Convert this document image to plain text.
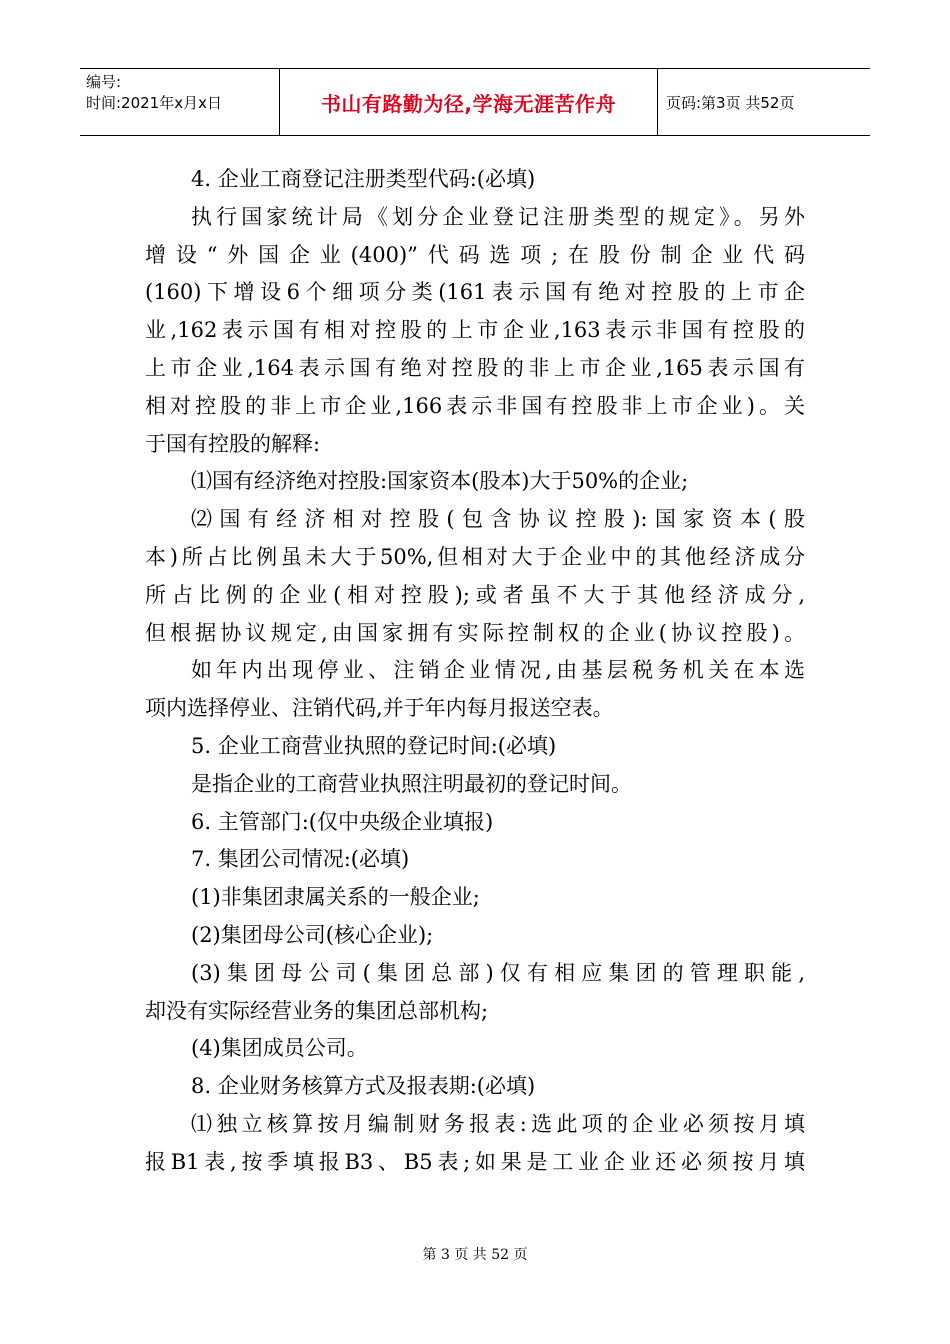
编号:
时间:2021年x月x日	书山有路勤为径,学海无涯苦作舟	页码:第3页 共52页
4. 企业工商登记注册类型代码:(必填)
执行国家统计局《划分企业登记注册类型的规定》。另外
增设“外国企业(400)”代码选项;在股份制企业代码
(160)下增设6个细项分类(161表示国有绝对控股的上市企
业,162表示国有相对控股的上市企业,163表示非国有控股的
上市企业,164表示国有绝对控股的非上市企业,165表示国有
相对控股的非上市企业,166表示非国有控股非上市企业)。关
于国有控股的解释:
⑴国有经济绝对控股:国家资本(股本)大于50%的企业;
⑵国有经济相对控股(包含协议控股):国家资本(股
本)所占比例虽未大于50%,但相对大于企业中的其他经济成分
所占比例的企业(相对控股);或者虽不大于其他经济成分,
但根据协议规定,由国家拥有实际控制权的企业(协议控股)。
如年内出现停业、注销企业情况,由基层税务机关在本选
项内选择停业、注销代码,并于年内每月报送空表。
5. 企业工商营业执照的登记时间:(必填)
是指企业的工商营业执照注明最初的登记时间。
6. 主管部门:(仅中央级企业填报)
7. 集团公司情况:(必填)
(1)非集团隶属关系的一般企业;
(2)集团母公司(核心企业);
(3)集团母公司(集团总部)仅有相应集团的管理职能,
却没有实际经营业务的集团总部机构;
(4)集团成员公司。
8. 企业财务核算方式及报表期:(必填)
⑴独立核算按月编制财务报表:选此项的企业必须按月填
报B1表,按季填报B3、B5表;如果是工业企业还必须按月填
第 3 页 共 52 页
